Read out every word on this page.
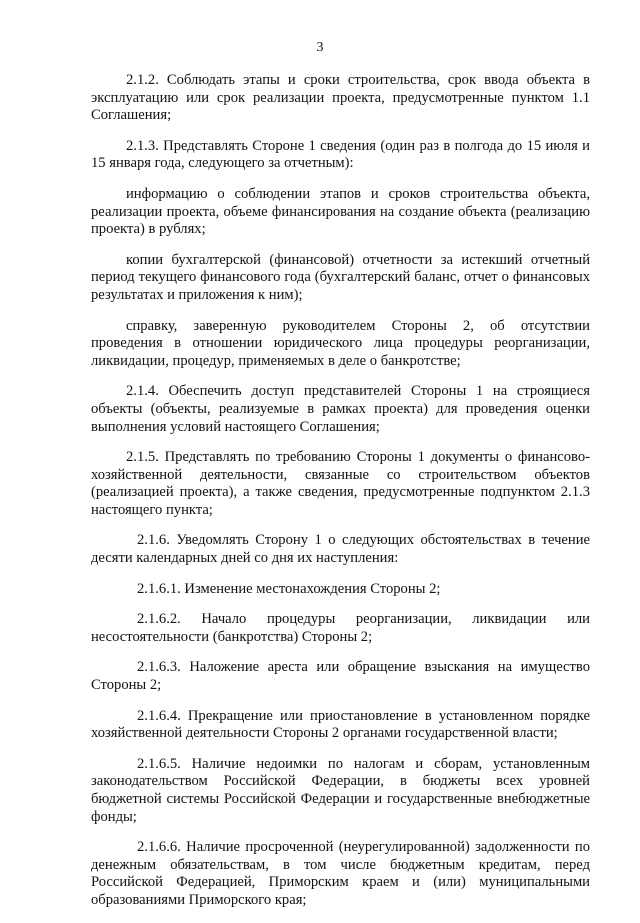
3

2.1.2. Соблюдать этапы и сроки строительства, срок ввода объекта в эксплуатацию или срок реализации проекта, предусмотренные пунктом 1.1 Соглашения;

2.1.3. Представлять Стороне 1 сведения (один раз в полгода до 15 июля и 15 января года, следующего за отчетным):

информацию о соблюдении этапов и сроков строительства объекта, реализации проекта, объеме финансирования на создание объекта (реализацию проекта) в рублях;

копии бухгалтерской (финансовой) отчетности за истекший отчетный период текущего финансового года (бухгалтерский баланс, отчет о финансовых результатах и приложения к ним);

справку, заверенную руководителем Стороны 2, об отсутствии проведения в отношении юридического лица процедуры реорганизации, ликвидации, процедур, применяемых в деле о банкротстве;

2.1.4. Обеспечить доступ представителей Стороны 1 на строящиеся объекты (объекты, реализуемые в рамках проекта) для проведения оценки выполнения условий настоящего Соглашения;

2.1.5. Представлять по требованию Стороны 1 документы о финансово-хозяйственной деятельности, связанные со строительством объектов (реализацией проекта), а также сведения, предусмотренные подпунктом 2.1.3 настоящего пункта;

2.1.6. Уведомлять Сторону 1 о следующих обстоятельствах в течение десяти календарных дней со дня их наступления:

2.1.6.1. Изменение местонахождения Стороны 2;

2.1.6.2. Начало процедуры реорганизации, ликвидации или несостоятельности (банкротства) Стороны 2;

2.1.6.3. Наложение ареста или обращение взыскания на имущество Стороны 2;

2.1.6.4. Прекращение или приостановление в установленном порядке хозяйственной деятельности Стороны 2 органами государственной власти;

2.1.6.5. Наличие недоимки по налогам и сборам, установленным законодательством Российской Федерации, в бюджеты всех уровней бюджетной системы Российской Федерации и государственные внебюджетные фонды;

2.1.6.6. Наличие просроченной (неурегулированной) задолженности по денежным обязательствам, в том числе бюджетным кредитам, перед Российской Федерацией, Приморским краем и (или) муниципальными образованиями Приморского края;
